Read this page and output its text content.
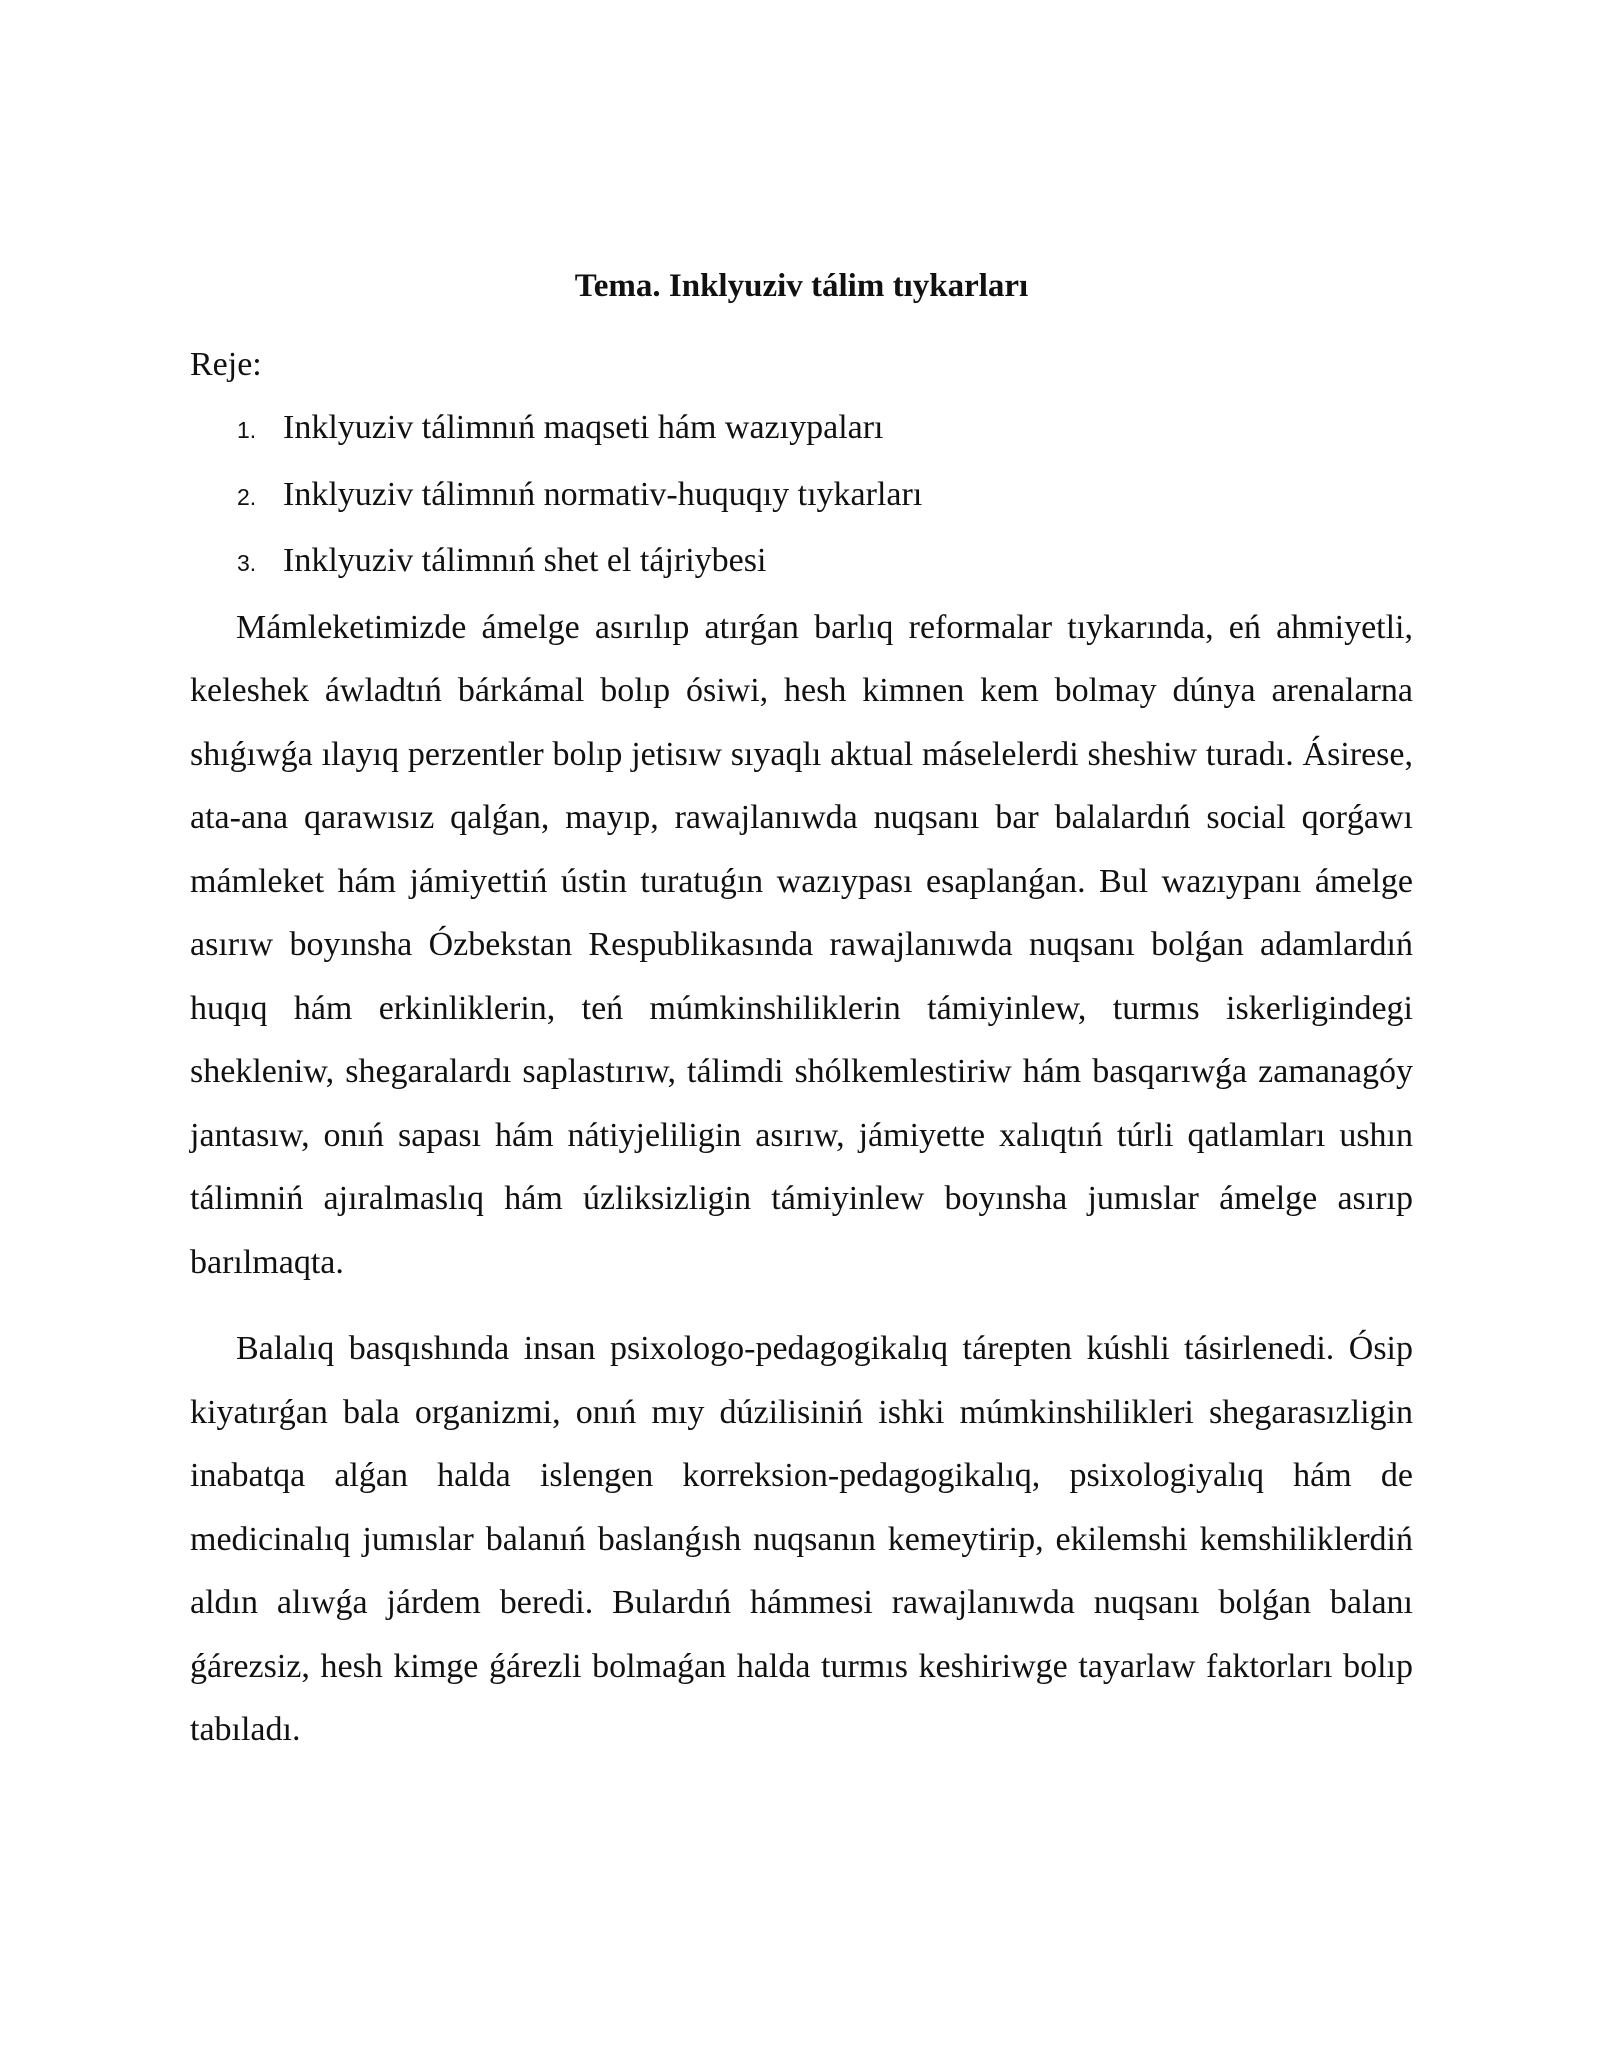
Tema. Inklyuziv tálim tıykarları

Reje:

1. Inklyuziv tálimnıń maqseti hám wazıypaları
2. Inklyuziv tálimnıń normativ-huquqıy tıykarları
3. Inklyuziv tálimnıń shet el tájriybesi

Mámleketimizde ámelge asırılıp atırǵan barlıq reformalar tıykarında, eń ahmiyetli, keleshek áwladtıń bárkámal bolıp ósiwi, hesh kimnen kem bolmay dúnya arenalarna shıǵıwǵa ılayıq perzentler bolıp jetisıw sıyaqlı aktual máselelerdi sheshiw turadı. Ásirese, ata-ana qarawısız qalǵan, mayıp, rawajlanıwda nuqsanı bar balalardıń social qorǵawı mámleket hám jámiyettiń ústin turatuǵın wazıypası esaplanǵan. Bul wazıypanı ámelge asırıw boyınsha Ózbekstan Respublikasında rawajlanıwda nuqsanı bolǵan adamlardıń huqıq hám erkinliklerin, teń múmkinshiliklerin támiyinlew, turmıs iskerligindegi shekleniw, shegaralardı saplastırıw, tálimdi shólkemlestiriw hám basqarıwǵa zamanagóy jantasıw, onıń sapası hám nátiyjeliligin asırıw, jámiyette xalıqtıń túrli qatlamları ushın tálimniń ajıralmaslıq hám úzliksizligin támiyinlew boyınsha jumıslar ámelge asırıp barılmaqta.

Balalıq basqıshında insan psixologo-pedagogikalıq tárepten kúshli tásirlenedi. Ósip kiyatırǵan bala organizmi, onıń mıy dúzilisiniń ishki múmkinshilikleri shegarasızligin inabatqa alǵan halda islengen korreksion-pedagogikalıq, psixologiyalıq hám de medicinalıq jumıslar balanıń baslanǵısh nuqsanın kemeytirip, ekilemshi kemshiliklerdiń aldın alıwǵa járdem beredi. Bulardıń hámmesi rawajlanıwda nuqsanı bolǵan balanı ǵárezsiz, hesh kimge ǵárezli bolmaǵan halda turmıs keshiriwge tayarlaw faktorları bolıp tabıladı.
